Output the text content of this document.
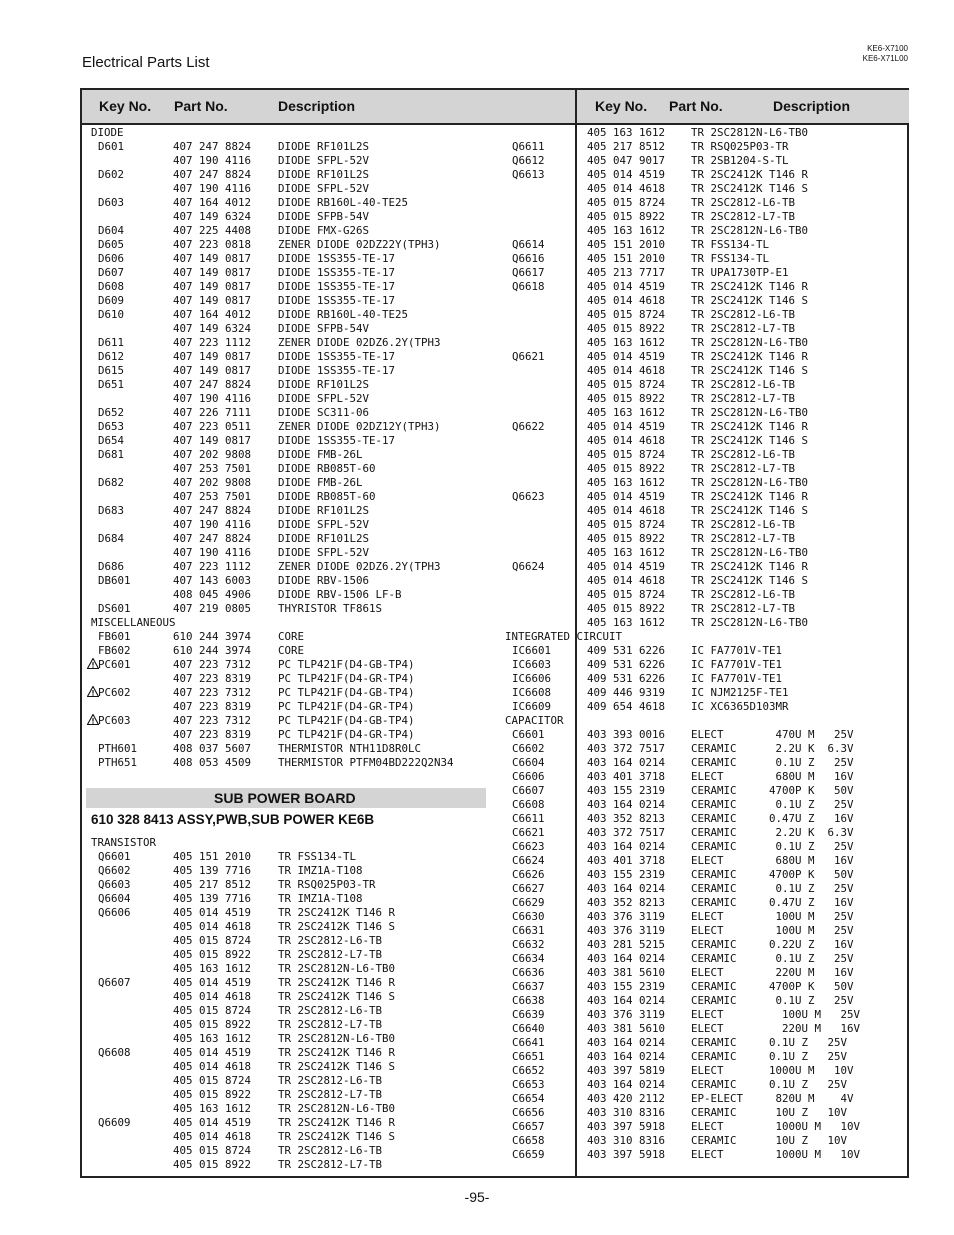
Electrical Parts List
KE6-X7100
KE6-X71L00
Key No. Part No.	Description	Key No. Part No.	Description
DIODE
D601	407 247 8824 DIODE RF101L2S
407 190 4116 DIODE SFPL-52V
D602	407 247 8824 DIODE RF101L2S
407 190 4116 DIODE SFPL-52V
D603	407 164 4012 DIODE RB160L-40-TE25
407 149 6324 DIODE SFPB-54V
D604	407 225 4408 DIODE FMX-G26S
D605	407 223 0818 ZENER DIODE 02DZ22Y(TPH3)
D606	407 149 0817 DIODE 1SS355-TE-17
D607	407 149 0817 DIODE 1SS355-TE-17
D608	407 149 0817 DIODE 1SS355-TE-17
D609	407 149 0817 DIODE 1SS355-TE-17
D610	407 164 4012 DIODE RB160L-40-TE25
407 149 6324 DIODE SFPB-54V
D611	407 223 1112 ZENER DIODE 02DZ6.2Y(TPH3
D612	407 149 0817 DIODE 1SS355-TE-17
D615	407 149 0817 DIODE 1SS355-TE-17
D651	407 247 8824 DIODE RF101L2S
407 190 4116 DIODE SFPL-52V
D652	407 226 7111 DIODE SC311-06
D653	407 223 0511 ZENER DIODE 02DZ12Y(TPH3)
D654	407 149 0817 DIODE 1SS355-TE-17
D681	407 202 9808 DIODE FMB-26L
407 253 7501 DIODE RB085T-60
D682	407 202 9808 DIODE FMB-26L
407 253 7501 DIODE RB085T-60
D683	407 247 8824 DIODE RF101L2S
407 190 4116 DIODE SFPL-52V
D684	407 247 8824 DIODE RF101L2S
407 190 4116 DIODE SFPL-52V
D686	407 223 1112 ZENER DIODE 02DZ6.2Y(TPH3
DB601	407 143 6003 DIODE RBV-1506
408 045 4906 DIODE RBV-1506 LF-B
DS601	407 219 0805 THYRISTOR TF861S
MISCELLANEOUS
FB601	610 244 3974 CORE
FB602	610 244 3974 CORE
PC601	407 223 7312 PC TLP421F(D4-GB-TP4)
407 223 8319 PC TLP421F(D4-GR-TP4)
PC602	407 223 7312 PC TLP421F(D4-GB-TP4)
407 223 8319 PC TLP421F(D4-GR-TP4)
PC603	407 223 7312 PC TLP421F(D4-GB-TP4)
407 223 8319 PC TLP421F(D4-GR-TP4)
PTH601	408 037 5607 THERMISTOR NTH11D8R0LC
PTH651	408 053 4509 THERMISTOR PTFM04BD222Q2N34
SUB POWER BOARD
610 328 8413 ASSY,PWB,SUB POWER KE6B
TRANSISTOR
Q6601	405 151 2010 TR FSS134-TL
Q6602	405 139 7716 TR IMZ1A-T108
Q6603	405 217 8512 TR RSQ025P03-TR
Q6604	405 139 7716 TR IMZ1A-T108
Q6606	405 014 4519 TR 2SC2412K T146 R
405 014 4618 TR 2SC2412K T146 S
405 015 8724 TR 2SC2812-L6-TB
405 015 8922 TR 2SC2812-L7-TB
405 163 1612 TR 2SC2812N-L6-TB0
Q6607	405 014 4519 TR 2SC2412K T146 R
405 014 4618 TR 2SC2412K T146 S
405 015 8724 TR 2SC2812-L6-TB
405 015 8922 TR 2SC2812-L7-TB
405 163 1612 TR 2SC2812N-L6-TB0
Q6608	405 014 4519 TR 2SC2412K T146 R
405 014 4618 TR 2SC2412K T146 S
405 015 8724 TR 2SC2812-L6-TB
405 015 8922 TR 2SC2812-L7-TB
405 163 1612 TR 2SC2812N-L6-TB0
Q6609	405 014 4519 TR 2SC2412K T146 R
405 014 4618 TR 2SC2412K T146 S
405 015 8724 TR 2SC2812-L6-TB
405 015 8922 TR 2SC2812-L7-TB
405 163 1612 TR 2SC2812N-L6-TB0
Q6611	405 217 8512 TR RSQ025P03-TR
Q6612	405 047 9017 TR 2SB1204-S-TL
Q6613	405 014 4519 TR 2SC2412K T146 R
405 014 4618 TR 2SC2412K T146 S
405 015 8724 TR 2SC2812-L6-TB
405 015 8922 TR 2SC2812-L7-TB
405 163 1612 TR 2SC2812N-L6-TB0
Q6614	405 151 2010 TR FSS134-TL
Q6616	405 151 2010 TR FSS134-TL
Q6617	405 213 7717 TR UPA1730TP-E1
Q6618	405 014 4519 TR 2SC2412K T146 R
405 014 4618 TR 2SC2412K T146 S
405 015 8724 TR 2SC2812-L6-TB
405 015 8922 TR 2SC2812-L7-TB
405 163 1612 TR 2SC2812N-L6-TB0
Q6621	405 014 4519 TR 2SC2412K T146 R
405 014 4618 TR 2SC2412K T146 S
405 015 8724 TR 2SC2812-L6-TB
405 015 8922 TR 2SC2812-L7-TB
405 163 1612 TR 2SC2812N-L6-TB0
Q6622	405 014 4519 TR 2SC2412K T146 R
405 014 4618 TR 2SC2412K T146 S
405 015 8724 TR 2SC2812-L6-TB
405 015 8922 TR 2SC2812-L7-TB
405 163 1612 TR 2SC2812N-L6-TB0
Q6623	405 014 4519 TR 2SC2412K T146 R
405 014 4618 TR 2SC2412K T146 S
405 015 8724 TR 2SC2812-L6-TB
405 015 8922 TR 2SC2812-L7-TB
405 163 1612 TR 2SC2812N-L6-TB0
Q6624	405 014 4519 TR 2SC2412K T146 R
405 014 4618 TR 2SC2412K T146 S
405 015 8724 TR 2SC2812-L6-TB
405 015 8922 TR 2SC2812-L7-TB
405 163 1612 TR 2SC2812N-L6-TB0
INTEGRATED CIRCUIT
IC6601	409 531 6226 IC FA7701V-TE1
IC6603	409 531 6226 IC FA7701V-TE1
IC6606	409 531 6226 IC FA7701V-TE1
IC6608	409 446 9319 IC NJM2125F-TE1
IC6609	409 654 4618 IC XC6365D103MR
CAPACITOR
C6601	403 393 0016 ELECT        470U M   25V
C6602	403 372 7517 CERAMIC      2.2U K  6.3V
C6604	403 164 0214 CERAMIC      0.1U Z   25V
C6606	403 401 3718 ELECT        680U M   16V
C6607	403 155 2319 CERAMIC     4700P K   50V
C6608	403 164 0214 CERAMIC      0.1U Z   25V
C6611	403 352 8213 CERAMIC     0.47U Z   16V
C6621	403 372 7517 CERAMIC      2.2U K  6.3V
C6623	403 164 0214 CERAMIC      0.1U Z   25V
C6624	403 401 3718 ELECT        680U M   16V
C6626	403 155 2319 CERAMIC     4700P K   50V
C6627	403 164 0214 CERAMIC      0.1U Z   25V
C6629	403 352 8213 CERAMIC     0.47U Z   16V
C6630	403 376 3119 ELECT        100U M   25V
C6631	403 376 3119 ELECT        100U M   25V
C6632	403 281 5215 CERAMIC     0.22U Z   16V
C6634	403 164 0214 CERAMIC      0.1U Z   25V
C6636	403 381 5610 ELECT        220U M   16V
C6637	403 155 2319 CERAMIC     4700P K   50V
C6638	403 164 0214 CERAMIC      0.1U Z   25V
C6639	403 376 3119 ELECT         100U M   25V
C6640	403 381 5610 ELECT         220U M   16V
C6641	403 164 0214 CERAMIC     0.1U Z   25V
C6651	403 164 0214 CERAMIC     0.1U Z   25V
C6652	403 397 5819 ELECT       1000U M   10V
C6653	403 164 0214 CERAMIC     0.1U Z   25V
C6654	403 420 2112 EP-ELECT     820U M    4V
C6656	403 310 8316 CERAMIC      10U Z   10V
C6657	403 397 5918 ELECT        1000U M   10V
C6658	403 310 8316 CERAMIC      10U Z   10V
C6659	403 397 5918 ELECT        1000U M   10V
-95-
